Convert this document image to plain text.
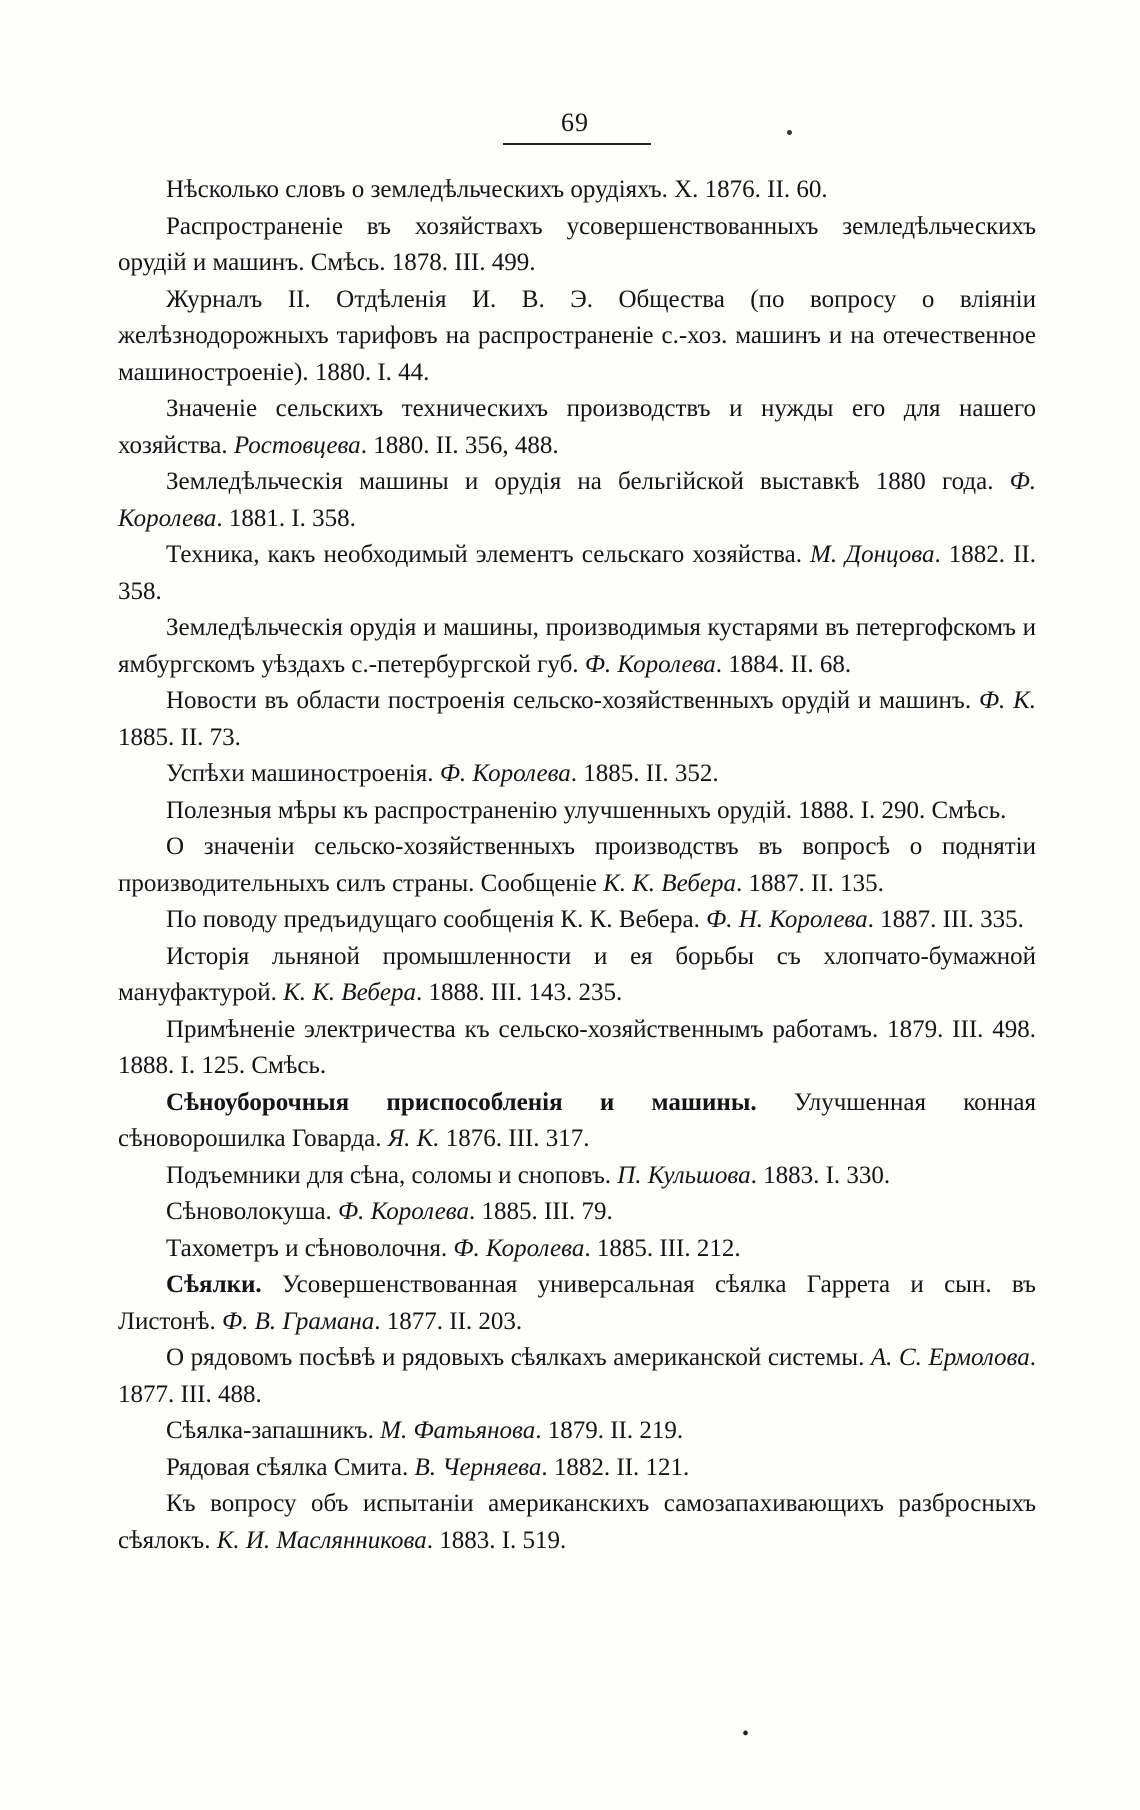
69

Нѣсколько словъ о земледѣльческихъ орудіяхъ. Х. 1876. II. 60.

Распространеніе въ хозяйствахъ усовершенствованныхъ земледѣльческихъ орудій и машинъ. Смѣсь. 1878. III. 499.

Журналъ II. Отдѣленія И. В. Э. Общества (по вопросу о вліяніи желѣзнодорожныхъ тарифовъ на распространеніе с.-хоз. машинъ и на отечественное машиностроеніе). 1880. I. 44.

Значеніе сельскихъ техническихъ производствъ и нужды его для нашего хозяйства. Ростовцева. 1880. II. 356, 488.

Земледѣльческія машины и орудія на бельгійской выставкѣ 1880 года. Ф. Королева. 1881. I. 358.

Техника, какъ необходимый элементъ сельскаго хозяйства. М. Донцова. 1882. II. 358.

Земледѣльческія орудія и машины, производимыя кустарями въ петергофскомъ и ямбургскомъ уѣздахъ с.-петербургской губ. Ф. Королева. 1884. II. 68.

Новости въ области построенія сельско-хозяйственныхъ орудій и машинъ. Ф. К. 1885. II. 73.

Успѣхи машиностроенія. Ф. Королева. 1885. II. 352.

Полезныя мѣры къ распространенію улучшенныхъ орудій. 1888. I. 290. Смѣсь.

О значеніи сельско-хозяйственныхъ производствъ въ вопросѣ о поднятіи производительныхъ силъ страны. Сообщеніе К. К. Вебера. 1887. II. 135.

По поводу предъидущаго сообщенія К. К. Вебера. Ф. Н. Королева. 1887. III. 335.

Исторія льняной промышленности и ея борьбы съ хлопчато-бумажной мануфактурой. К. К. Вебера. 1888. III. 143. 235.

Примѣненіе электричества къ сельско-хозяйственнымъ работамъ. 1879. III. 498. 1888. I. 125. Смѣсь.

Сѣноуборочныя приспособленія и машины. Улучшенная конная сѣноворошилка Говарда. Я. К. 1876. III. 317.

Подъемники для сѣна, соломы и сноповъ. П. Кульшова. 1883. I. 330.

Сѣноволокуша. Ф. Королева. 1885. III. 79.

Тахометръ и сѣноволочня. Ф. Королева. 1885. III. 212.

Сѣялки. Усовершенствованная универсальная сѣялка Гаррета и сын. въ Листонѣ. Ф. В. Грамана. 1877. II. 203.

О рядовомъ посѣвѣ и рядовыхъ сѣялкахъ американской системы. А. С. Ермолова. 1877. III. 488.

Сѣялка-запашникъ. М. Фатьянова. 1879. II. 219.

Рядовая сѣялка Смита. В. Черняева. 1882. II. 121.

Къ вопросу объ испытаніи американскихъ самозапахивающихъ разбросныхъ сѣялокъ. К. И. Маслянникова. 1883. I. 519.

•
